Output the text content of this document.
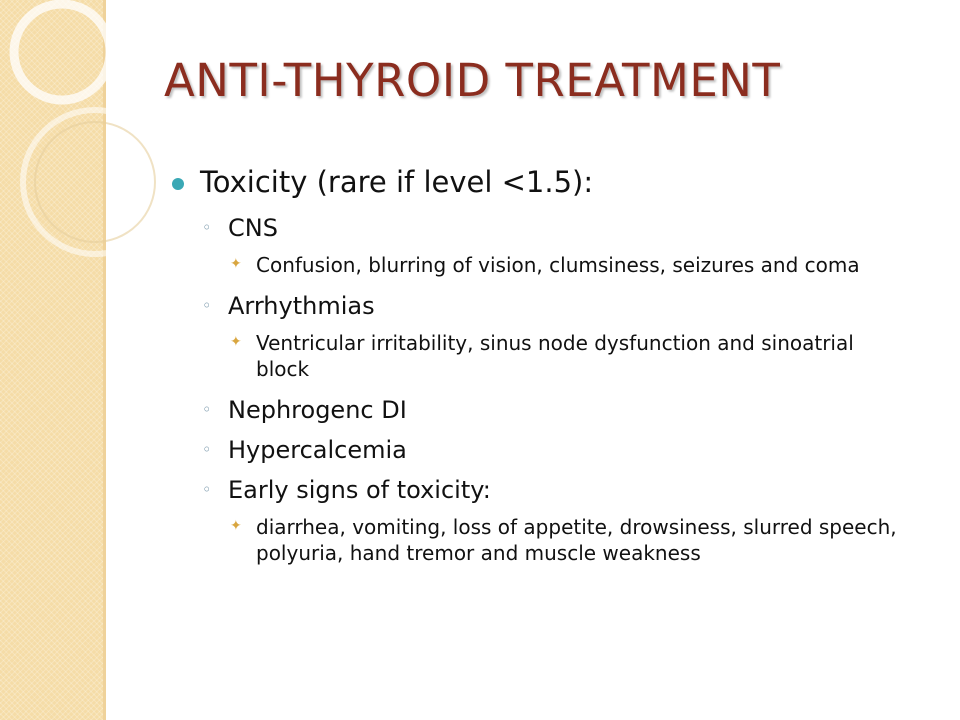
ANTI-THYROID TREATMENT
Toxicity (rare if level <1.5):
◦ CNS
✦ Confusion, blurring of vision, clumsiness, seizures and coma
◦ Arrhythmias
✦ Ventricular irritability, sinus node dysfunction and sinoatrial block
◦ Nephrogenc DI
◦ Hypercalcemia
◦ Early signs of toxicity:
✦ diarrhea, vomiting, loss of appetite, drowsiness, slurred speech, polyuria, hand tremor and muscle weakness
